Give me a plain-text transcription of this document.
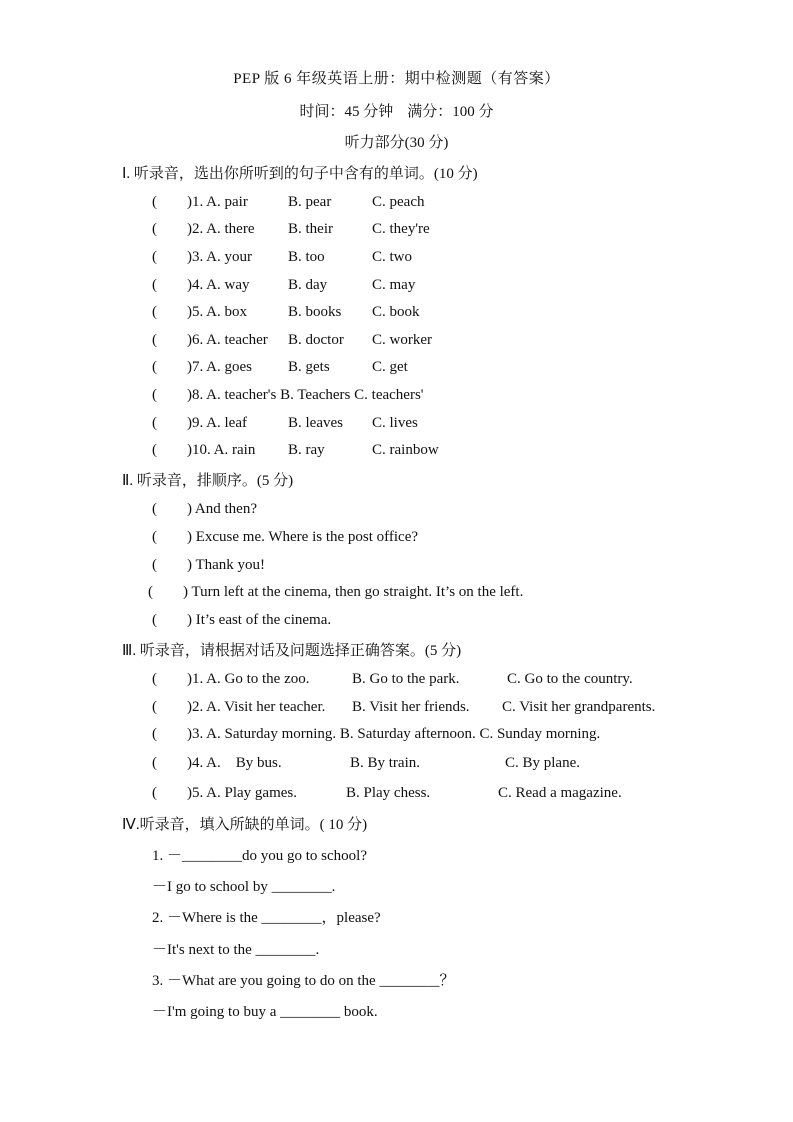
PEP 版 6 年级英语上册：期中检测题（有答案）
时间：45 分钟 满分：100 分
听力部分(30 分)
Ⅰ. 听录音，选出你所听到的句子中含有的单词。(10 分)
(　　)1. A. pair	B. pear	C. peach
(　　)2. A. there B. their	C. they're
(　　)3. A. your B. too	C. two
(　　)4. A. way	B. day	C. may
(　　)5. A. box	B. books C. book
(　　)6. A. teacher B. doctor C. worker
(　　)7. A. goes B. gets	C. get
(　　)8. A. teacher's B. Teachers C. teachers'
(　　)9. A. leaf	B. leaves C. lives
(　　)10. A. rain B. ray	C. rainbow
Ⅱ. 听录音，排顺序。(5 分)
(　　) And then?
(　　) Excuse me. Where is the post office?
(　　) Thank you!
(　　) Turn left at the cinema, then go straight. It’s on the left.
(　　) It’s east of the cinema.
Ⅲ. 听录音，请根据对话及问题选择正确答案。(5 分)
(　　)1. A. Go to the zoo.	B. Go to the park.	C. Go to the country.
(　　)2. A. Visit her teacher. B. Visit her friends. C. Visit her grandparents.
(　　)3. A. Saturday morning. B. Saturday afternoon. C. Sunday morning.
(　　)4. A.　By bus.	B. By train.	C. By plane.
(　　)5. A. Play games.	B. Play chess.	C. Read a magazine.
Ⅳ.听录音，填入所缺的单词。( 10 分)
1. －________do you go to school?
－I go to school by ________.
2. －Where is the ________，please?
－It's next to the ________.
3. －What are you going to do on the ________？
－I'm going to buy a ________ book.
